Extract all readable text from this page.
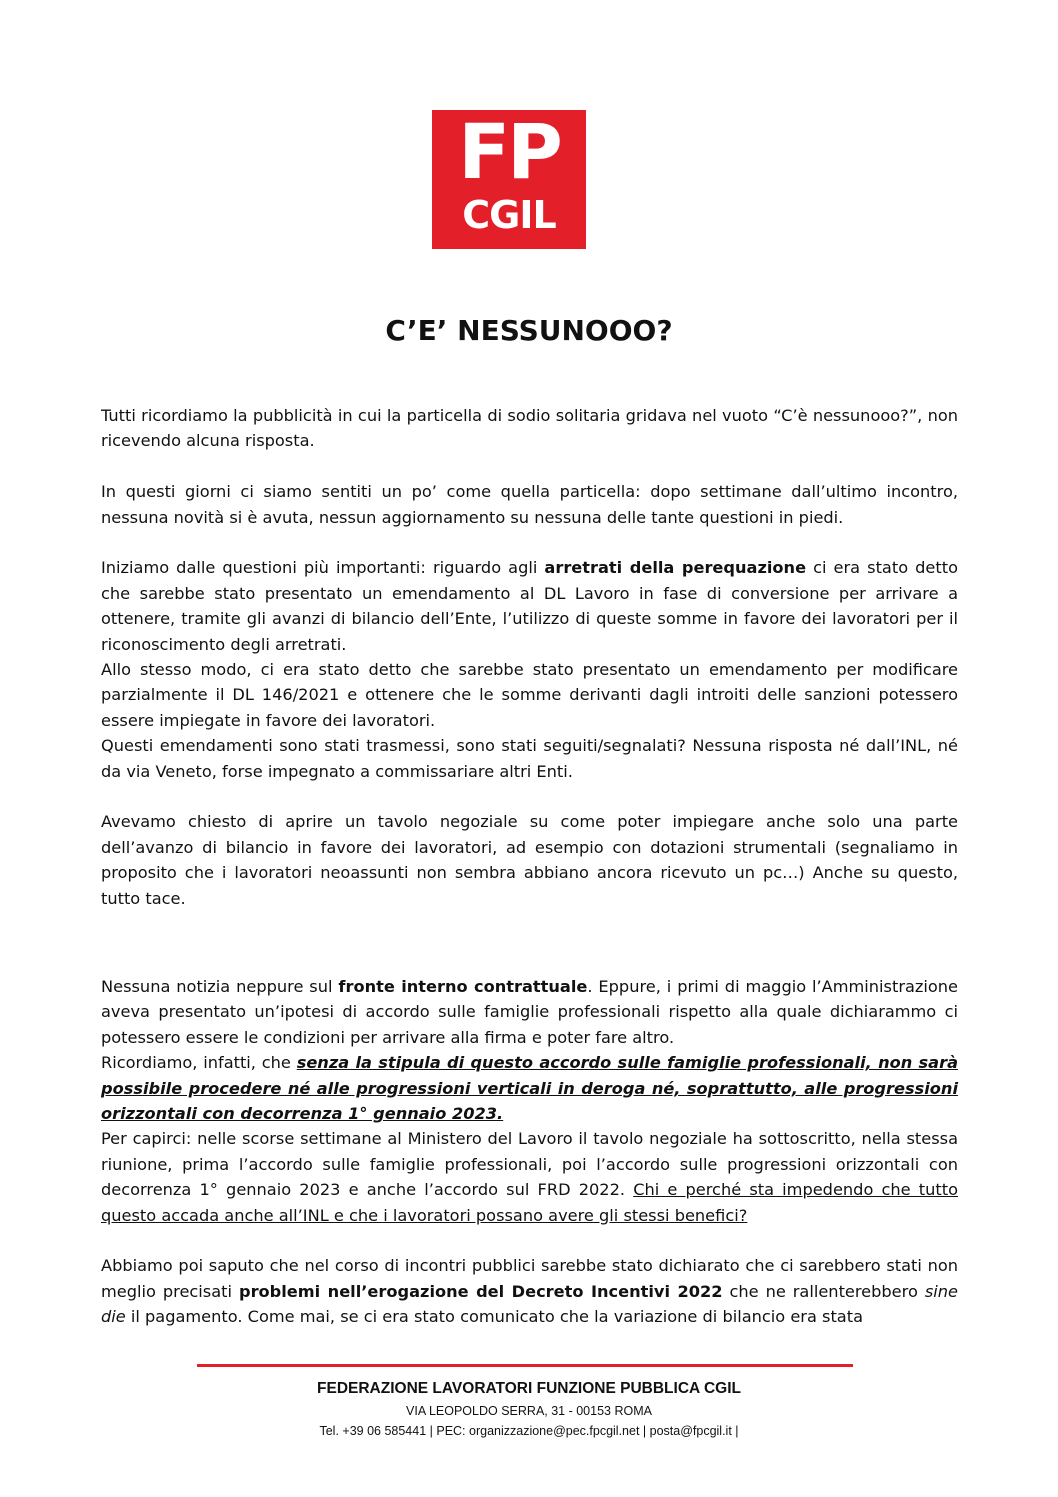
FP
CGIL
C’E’ NESSUNOOO?

Tutti ricordiamo la pubblicità in cui la particella di sodio solitaria gridava nel vuoto “C’è nessunooo?”, non ricevendo alcuna risposta.

In questi giorni ci siamo sentiti un po’ come quella particella: dopo settimane dall’ultimo incontro, nessuna novità si è avuta, nessun aggiornamento su nessuna delle tante questioni in piedi.

Iniziamo dalle questioni più importanti: riguardo agli arretrati della perequazione ci era stato detto che sarebbe stato presentato un emendamento al DL Lavoro in fase di conversione per arrivare a ottenere, tramite gli avanzi di bilancio dell’Ente, l’utilizzo di queste somme in favore dei lavoratori per il riconoscimento degli arretrati.

Allo stesso modo, ci era stato detto che sarebbe stato presentato un emendamento per modificare parzialmente il DL 146/2021 e ottenere che le somme derivanti dagli introiti delle sanzioni potessero essere impiegate in favore dei lavoratori.

Questi emendamenti sono stati trasmessi, sono stati seguiti/segnalati? Nessuna risposta né dall’INL, né da via Veneto, forse impegnato a commissariare altri Enti.

Avevamo chiesto di aprire un tavolo negoziale su come poter impiegare anche solo una parte dell’avanzo di bilancio in favore dei lavoratori, ad esempio con dotazioni strumentali (segnaliamo in proposito che i lavoratori neoassunti non sembra abbiano ancora ricevuto un pc…) Anche su questo, tutto tace.

Nessuna notizia neppure sul fronte interno contrattuale. Eppure, i primi di maggio l’Amministrazione aveva presentato un’ipotesi di accordo sulle famiglie professionali rispetto alla quale dichiarammo ci potessero essere le condizioni per arrivare alla firma e poter fare altro.

Ricordiamo, infatti, che senza la stipula di questo accordo sulle famiglie professionali, non sarà possibile procedere né alle progressioni verticali in deroga né, soprattutto, alle progressioni orizzontali con decorrenza 1° gennaio 2023.

Per capirci: nelle scorse settimane al Ministero del Lavoro il tavolo negoziale ha sottoscritto, nella stessa riunione, prima l’accordo sulle famiglie professionali, poi l’accordo sulle progressioni orizzontali con decorrenza 1° gennaio 2023 e anche l’accordo sul FRD 2022. Chi e perché sta impedendo che tutto questo accada anche all’INL e che i lavoratori possano avere gli stessi benefici?

Abbiamo poi saputo che nel corso di incontri pubblici sarebbe stato dichiarato che ci sarebbero stati non meglio precisati problemi nell’erogazione del Decreto Incentivi 2022 che ne rallenterebbero sine die il pagamento. Come mai, se ci era stato comunicato che la variazione di bilancio era stata

FEDERAZIONE LAVORATORI FUNZIONE PUBBLICA CGIL
VIA LEOPOLDO SERRA, 31 - 00153 ROMA
Tel. +39 06 585441 | PEC: organizzazione@pec.fpcgil.net | posta@fpcgil.it |
